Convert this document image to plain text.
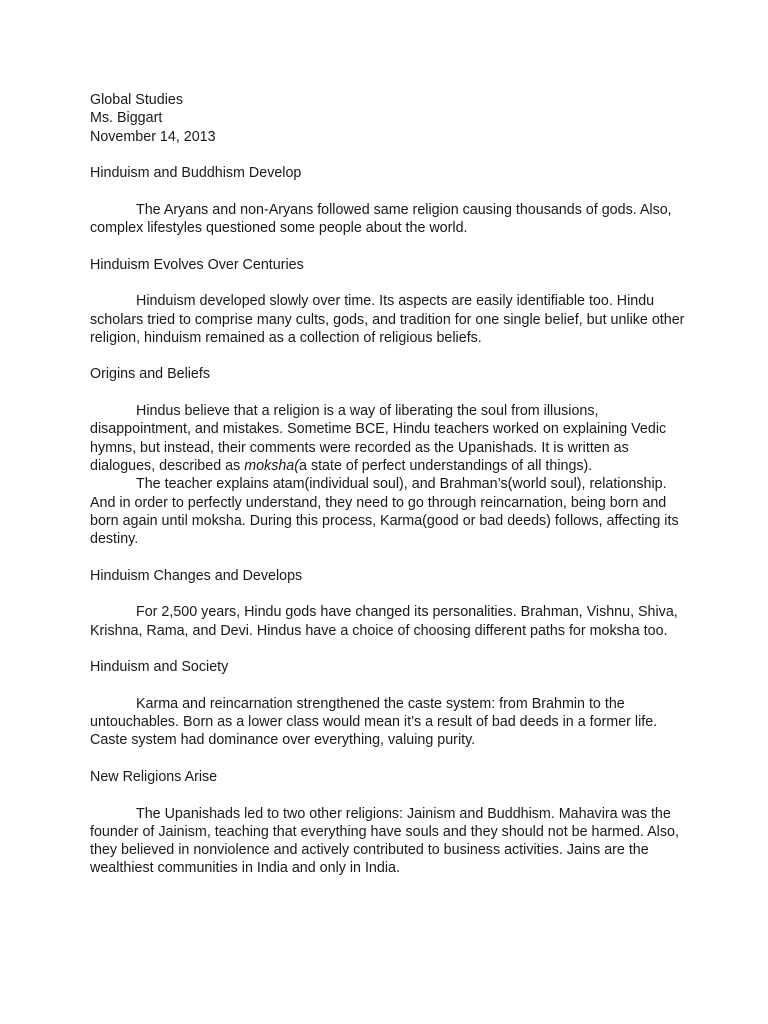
Global Studies

Ms. Biggart

November 14, 2013

Hinduism and Buddhism Develop

The Aryans and non-Aryans followed same religion causing thousands of gods. Also, complex lifestyles questioned some people about the world.

Hinduism Evolves Over Centuries

Hinduism developed slowly over time. Its aspects are easily identifiable too. Hindu scholars tried to comprise many cults, gods, and tradition for one single belief, but unlike other religion, hinduism remained as a collection of religious beliefs.

Origins and Beliefs

Hindus believe that a religion is a way of liberating the soul from illusions, disappointment, and mistakes. Sometime BCE, Hindu teachers worked on explaining Vedic hymns, but instead, their comments were recorded as the Upanishads. It is written as dialogues, described as moksha(a state of perfect understandings of all things).

The teacher explains atam(individual soul), and Brahman’s(world soul), relationship. And in order to perfectly understand, they need to go through reincarnation, being born and born again until moksha. During this process, Karma(good or bad deeds) follows, affecting its destiny.

Hinduism Changes and Develops

For 2,500 years, Hindu gods have changed its personalities. Brahman, Vishnu, Shiva, Krishna, Rama, and Devi. Hindus have a choice of choosing different paths for moksha too.

Hinduism and Society

Karma and reincarnation strengthened the caste system: from Brahmin to the untouchables. Born as a lower class would mean it’s a result of bad deeds in a former life. Caste system had dominance over everything, valuing purity.

New Religions Arise

The Upanishads led to two other religions: Jainism and Buddhism. Mahavira was the founder of Jainism, teaching that everything have souls and they should not be harmed. Also, they believed in nonviolence and actively contributed to business activities. Jains are the wealthiest communities in India and only in India.
